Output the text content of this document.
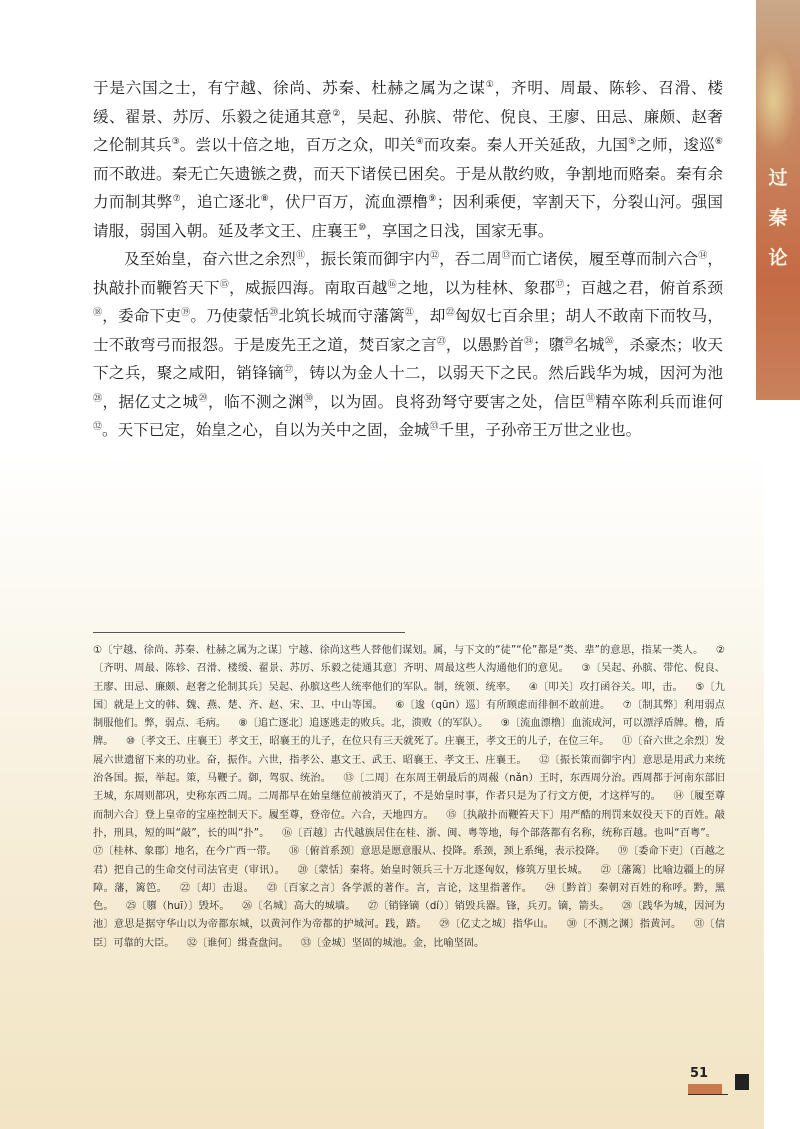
过
秦
论

于是六国之士，有宁越、徐尚、苏秦、杜赫之属为之谋①，齐明、周最、陈轸、召滑、楼缓、翟景、苏厉、乐毅之徒通其意②，吴起、孙膑、带佗、倪良、王廖、田忌、廉颇、赵奢之伦制其兵③。尝以十倍之地，百万之众，叩关④而攻秦。秦人开关延敌，九国⑤之师，逡巡⑥而不敢进。秦无亡矢遗镞之费，而天下诸侯已困矣。于是从散约败，争割地而赂秦。秦有余力而制其弊⑦，追亡逐北⑧，伏尸百万，流血漂橹⑨；因利乘便，宰割天下，分裂山河。强国请服，弱国入朝。延及孝文王、庄襄王⑩，享国之日浅，国家无事。

及至始皇，奋六世之余烈⑪，振长策而御宇内⑫，吞二周⑬而亡诸侯，履至尊而制六合⑭，执敲扑而鞭笞天下⑮，威振四海。南取百越⑯之地，以为桂林、象郡⑰；百越之君，俯首系颈⑱，委命下吏⑲。乃使蒙恬⑳北筑长城而守藩篱$^㉑$，却$^㉒$匈奴七百余里；胡人不敢南下而牧马，士不敢弯弓而报怨。于是废先王之道，焚百家之言$^㉓$，以愚黔首$^㉔$；隳$^㉕$名城$^㉖$，杀豪杰；收天下之兵，聚之咸阳，销锋镝$^㉗$，铸以为金人十二，以弱天下之民。然后践华为城，因河为池$^㉘$，据亿丈之城$^㉙$，临不测之渊$^㉚$，以为固。良将劲弩守要害之处，信臣$^㉛$精卒陈利兵而谁何$^㉜$。天下已定，始皇之心，自以为关中之固，金城$^㉝$千里，子孙帝王万世之业也。

①〔宁越、徐尚、苏秦、杜赫之属为之谋〕宁越、徐尚这些人替他们谋划。属，与下文的“徒”“伦”都是“类、辈”的意思，指某一类人。 ②〔齐明、周最、陈轸、召滑、楼缓、翟景、苏厉、乐毅之徒通其意〕齐明、周最这些人沟通他们的意见。 ③〔吴起、孙膑、带佗、倪良、王廖、田忌、廉颇、赵奢之伦制其兵〕吴起、孙膑这些人统率他们的军队。制，统领、统率。 ④〔叩关〕攻打函谷关。叩，击。 ⑤〔九国〕就是上文的韩、魏、燕、楚、齐、赵、宋、卫、中山等国。 ⑥〔逡（qūn）巡〕有所顾虑而徘徊不敢前进。 ⑦〔制其弊〕利用弱点制服他们。弊，弱点、毛病。 ⑧〔追亡逐北〕追逐逃走的败兵。北，溃败（的军队）。 ⑨〔流血漂橹〕血流成河，可以漂浮盾牌。橹，盾牌。 ⑩〔孝文王、庄襄王〕孝文王，昭襄王的儿子，在位只有三天就死了。庄襄王，孝文王的儿子，在位三年。 ⑪〔奋六世之余烈〕发展六世遗留下来的功业。奋，振作。六世，指孝公、惠文王、武王、昭襄王、孝文王、庄襄王。 ⑫〔振长策而御宇内〕意思是用武力来统治各国。振，举起。策，马鞭子。御，驾驭、统治。 ⑬〔二周〕在东周王朝最后的周赧（nǎn）王时，东西周分治。西周都于河南东部旧王城，东周则都巩，史称东西二周。二周都早在始皇继位前被消灭了，不是始皇时事，作者只是为了行文方便，才这样写的。 ⑭〔履至尊而制六合〕登上皇帝的宝座控制天下。履至尊，登帝位。六合，天地四方。 ⑮〔执敲扑而鞭笞天下〕用严酷的刑罚来奴役天下的百姓。敲扑，刑具，短的叫“敲”，长的叫“扑”。 ⑯〔百越〕古代越族居住在桂、浙、闽、粤等地，每个部落都有名称，统称百越。也叫“百粤”。 ⑰〔桂林、象郡〕地名，在今广西一带。 ⑱〔俯首系颈〕意思是愿意服从、投降。系颈，颈上系绳，表示投降。 ⑲〔委命下吏〕（百越之君）把自己的生命交付司法官吏（审讯）。 ⑳〔蒙恬〕秦将。始皇时领兵三十万北逐匈奴，修筑万里长城。 ㉑〔藩篱〕比喻边疆上的屏障。藩，篱笆。 ㉒〔却〕击退。 ㉓〔百家之言〕各学派的著作。言，言论，这里指著作。 ㉔〔黔首〕秦朝对百姓的称呼。黔，黑色。 ㉕〔隳（huī）〕毁坏。 ㉖〔名城〕高大的城墙。 ㉗〔销锋镝（dí）〕销毁兵器。锋，兵刃。镝，箭头。 ㉘〔践华为城，因河为池〕意思是据守华山以为帝都东城，以黄河作为帝都的护城河。践，踏。 ㉙〔亿丈之城〕指华山。 ㉚〔不测之渊〕指黄河。 ㉛〔信臣〕可靠的大臣。 ㉜〔谁何〕缉查盘问。 ㉝〔金城〕坚固的城池。金，比喻坚固。
51
